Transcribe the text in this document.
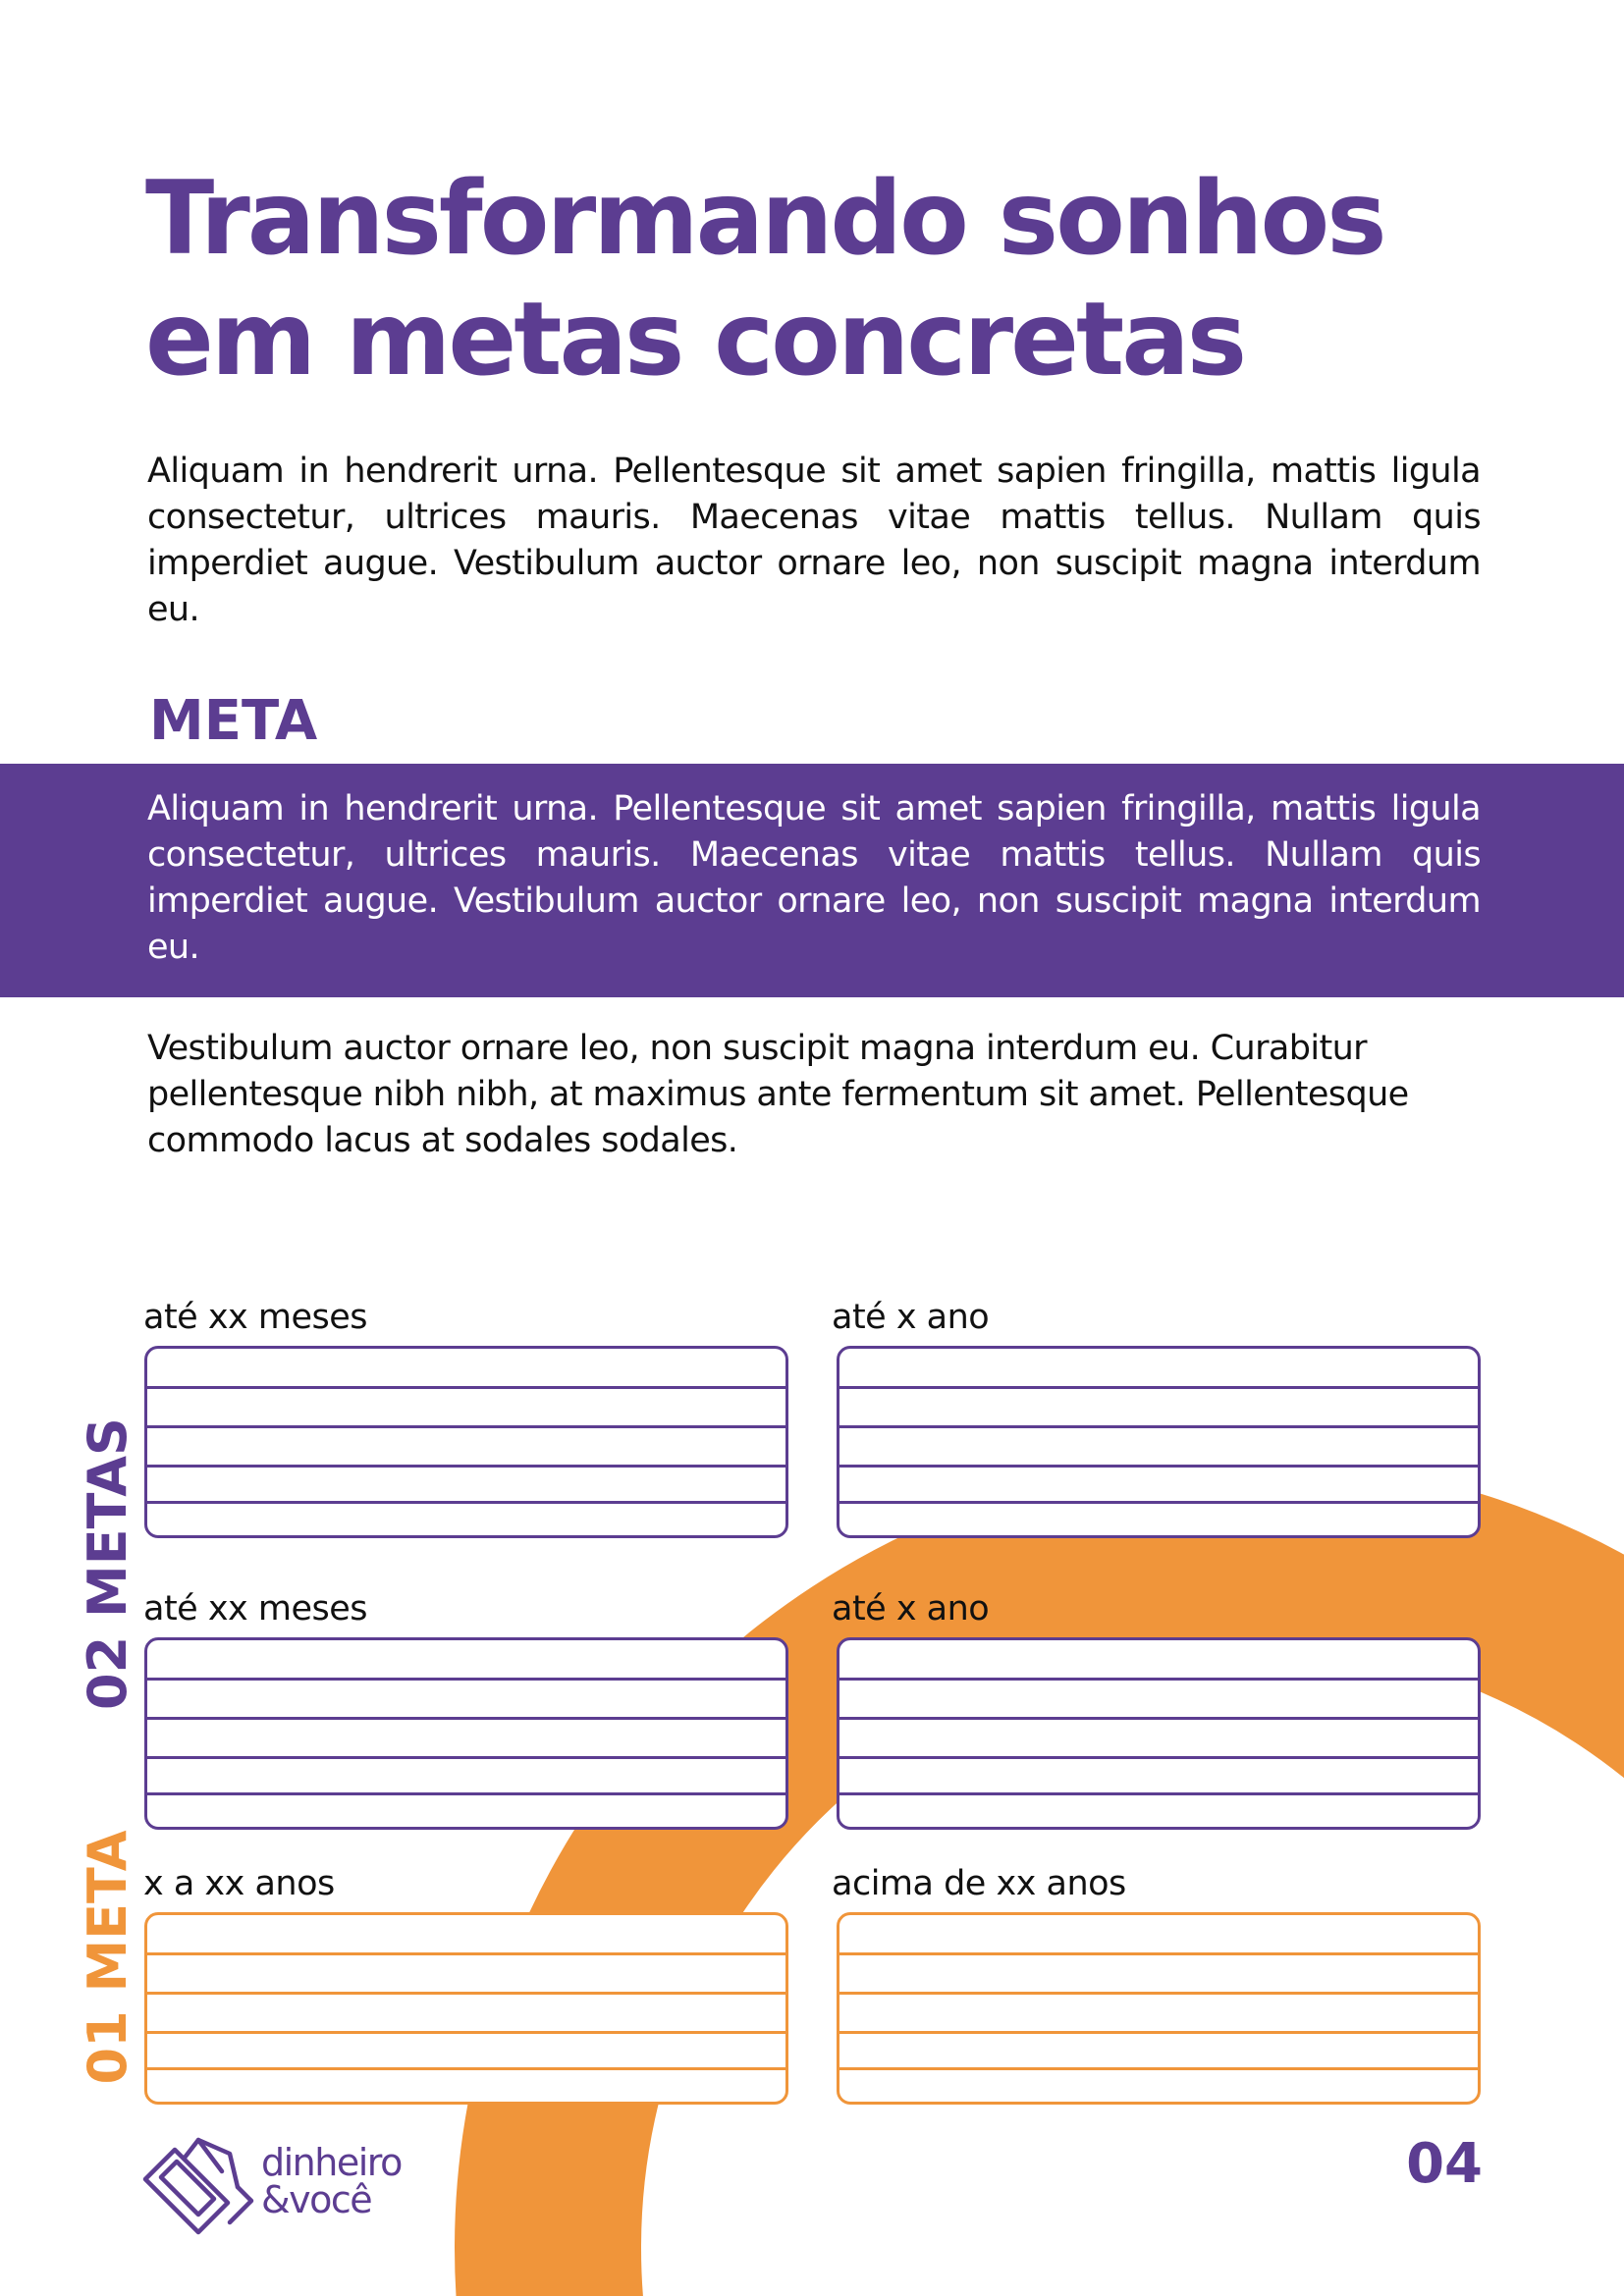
Transformando sonhos
em metas concretas

Aliquam in hendrerit urna. Pellentesque sit amet sapien fringilla, mattis ligula consectetur, ultrices mauris. Maecenas vitae mattis tellus. Nullam quis imperdiet augue. Vestibulum auctor ornare leo, non suscipit magna interdum eu.

META

Aliquam in hendrerit urna. Pellentesque sit amet sapien fringilla, mattis ligula consectetur, ultrices mauris. Maecenas vitae mattis tellus. Nullam quis imperdiet augue. Vestibulum auctor ornare leo, non suscipit magna interdum eu.

Vestibulum auctor ornare leo, non suscipit magna interdum eu. Curabitur pellentesque nibh nibh, at maximus ante fermentum sit amet. Pellentesque commodo lacus at sodales sodales.

02 METAS
01 META
até xx meses	até x ano
até xx meses	até x ano
x a xx anos	acima de xx anos
dinheiro
&você
04
